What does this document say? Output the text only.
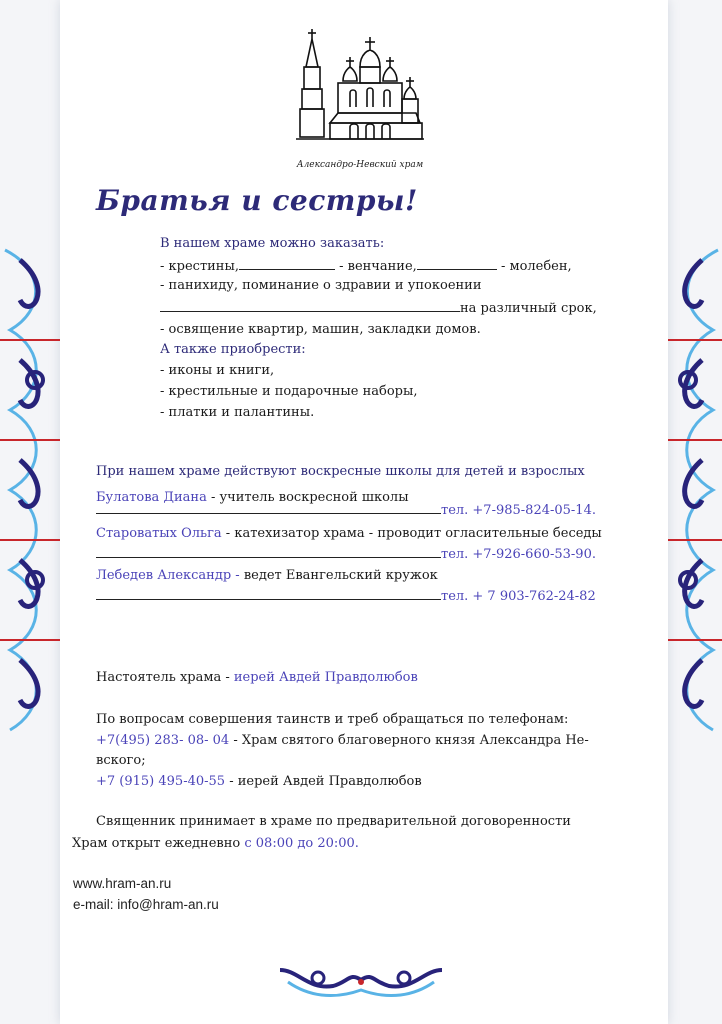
Александро-Невский храм
Братья и сестры!
В нашем храме можно заказать:
- крестины,	- венчание,	- молебен,
- панихиду, поминание о здравии и упокоении
на различный срок,
- освящение квартир, машин, закладки домов.
А также приобрести:
- иконы и книги,
- крестильные и подарочные наборы,
- платки и палантины.
При нашем храме действуют воскресные школы для детей и взрослых
Булатова Диана - учитель воскресной школы
тел. +7-985-824-05-14.
Староватых Ольга - катехизатор храма - проводит огласительные беседы
тел. +7-926-660-53-90.
Лебедев Александр - ведет Евангельский кружок
тел. + 7 903-762-24-82
Настоятель храма - иерей Авдей Правдолюбов
По вопросам совершения таинств и треб обращаться по телефонам:
+7(495) 283- 08- 04 - Храм святого благоверного князя Александра Не-
вского;
+7 (915) 495-40-55 - иерей Авдей Правдолюбов
Священник принимает в храме по предварительной договоренности
Храм открыт ежедневно с 08:00 до 20:00.
www.hram-an.ru
e-mail: info@hram-an.ru
